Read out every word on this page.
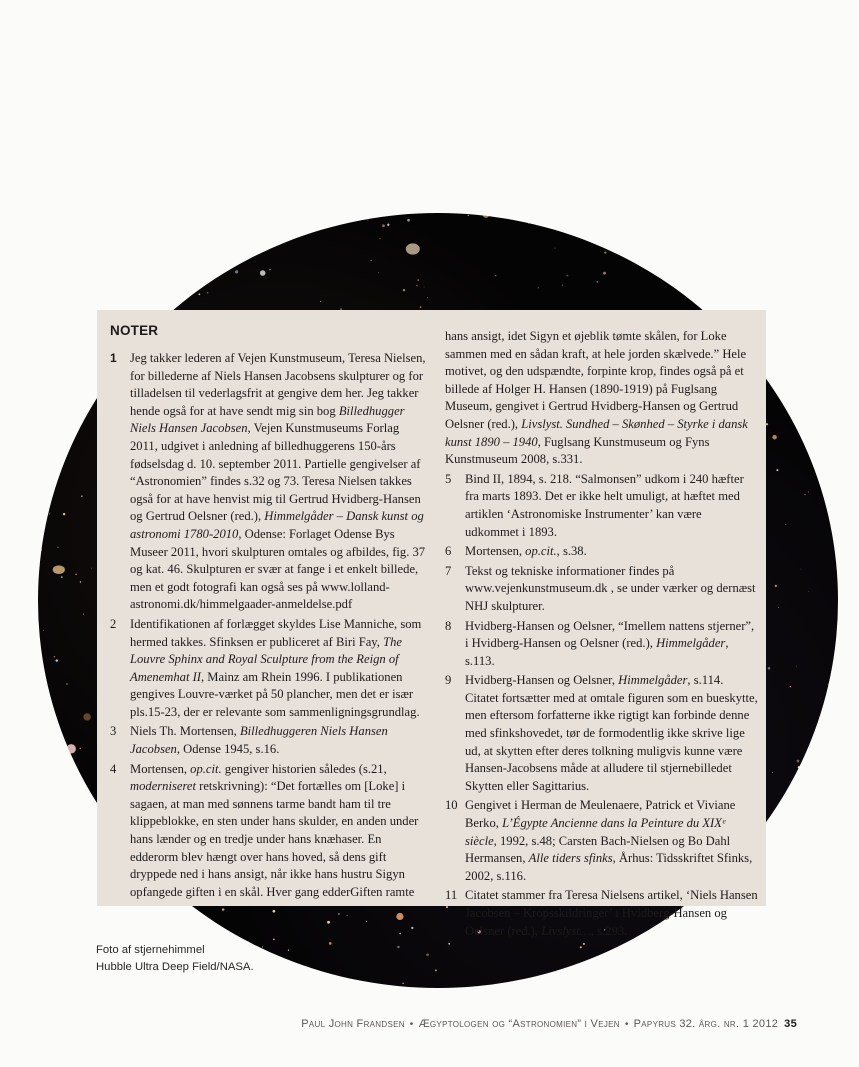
NOTER
1	Jeg takker lederen af Vejen Kunstmuseum, Teresa Nielsen, for billederne af Niels Hansen Jacobsens skulpturer og for tilladelsen til vederlagsfrit at gengive dem her. Jeg takker hende også for at have sendt mig sin bog Billedhugger Niels Hansen Jacobsen, Vejen Kunstmuseums Forlag 2011, udgivet i anledning af billedhuggerens 150-års fødselsdag d. 10. september 2011. Partielle gengivelser af “Astronomien” findes s.32 og 73. Teresa Nielsen takkes også for at have henvist mig til Gertrud Hvidberg-Hansen og Gertrud Oelsner (red.), Himmelgåder – Dansk kunst og astronomi 1780-2010, Odense: Forlaget Odense Bys Museer 2011, hvori skulpturen omtales og afbildes, fig. 37 og kat. 46. Skulpturen er svær at fange i et enkelt billede, men et godt fotografi kan også ses på www.lolland-astronomi.dk/himmelgaader-anmeldelse.pdf
2	Identifikationen af forlægget skyldes Lise Manniche, som hermed takkes. Sfinksen er publiceret af Biri Fay, The Louvre Sphinx and Royal Sculpture from the Reign of Amenemhat II, Mainz am Rhein 1996. I publikationen gengives Louvre-værket på 50 plancher, men det er især pls.15-23, der er relevante som sammenligningsgrundlag.
3	Niels Th. Mortensen, Billedhuggeren Niels Hansen Jacobsen, Odense 1945, s.16.
4	Mortensen, op.cit. gengiver historien således (s.21, moderniseret retskrivning): “Det fortælles om [Loke] i sagaen, at man med sønnens tarme bandt ham til tre klippeblokke, en sten under hans skulder, en anden under hans lænder og en tredje under hans knæhaser. En edderorm blev hængt over hans hoved, så dens gift dryppede ned i hans ansigt, når ikke hans hustru Sigyn opfangede giften i en skål. Hver gang edderGiften ramte
hans ansigt, idet Sigyn et øjeblik tømte skålen, for Loke sammen med en sådan kraft, at hele jorden skælvede.” Hele motivet, og den udspændte, forpinte krop, findes også på et billede af Holger H. Hansen (1890-1919) på Fuglsang Museum, gengivet i Gertrud Hvidberg-Hansen og Gertrud Oelsner (red.), Livslyst. Sundhed – Skønhed – Styrke i dansk kunst 1890 – 1940, Fuglsang Kunstmuseum og Fyns Kunstmuseum 2008, s.331.
5	Bind II, 1894, s. 218. “Salmonsen” udkom i 240 hæfter fra marts 1893. Det er ikke helt umuligt, at hæftet med artiklen ‘Astronomiske Instrumenter’ kan være udkommet i 1893.
6	Mortensen, op.cit., s.38.
7	Tekst og tekniske informationer findes på www.vejenkunstmuseum.dk , se under værker og dernæst NHJ skulpturer.
8	Hvidberg-Hansen og Oelsner, “Imellem nattens stjerner”, i Hvidberg-Hansen og Oelsner (red.), Himmelgåder, s.113.
9	Hvidberg-Hansen og Oelsner, Himmelgåder, s.114. Citatet fortsætter med at omtale figuren som en bueskytte, men eftersom forfatterne ikke rigtigt kan forbinde denne med sfinkshovedet, tør de formodentlig ikke skrive lige ud, at skytten efter deres tolkning muligvis kunne være Hansen-Jacobsens måde at alludere til stjernebilledet Skytten eller Sagittarius.
10 Gengivet i Herman de Meulenaere, Patrick et Viviane Berko, L’Égypte Ancienne dans la Peinture du XIXᵉ siècle, 1992, s.48; Carsten Bach-Nielsen og Bo Dahl Hermansen, Alle tiders sfinks, Århus: Tidsskriftet Sfinks, 2002, s.116.
11 Citatet stammer fra Teresa Nielsens artikel, ‘Niels Hansen Jacobsen – Kropsskildringer’ i Hvidberg-Hansen og Oelsner (red.), Livslyst…, s.293.
Foto af stjernehimmel
Hubble Ultra Deep Field/NASA.
Paul John Frandsen • Ægyptologen og “Astronomien” i Vejen • Papyrus 32. årg. nr. 1 2012 35
